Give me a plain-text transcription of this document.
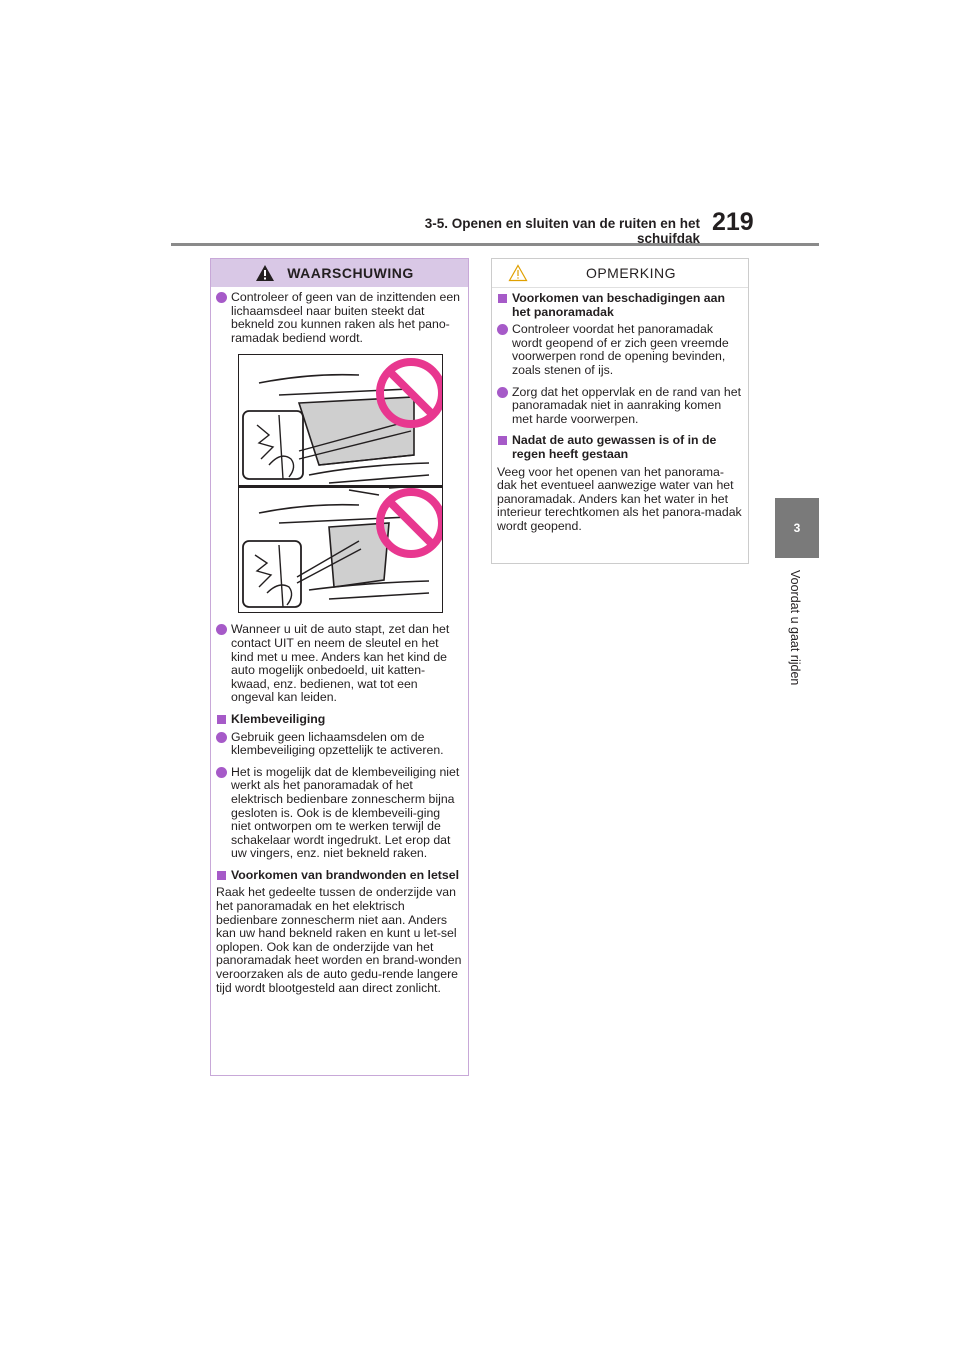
3-5. Openen en sluiten van de ruiten en het schuifdak
219
3
Voordat u gaat rijden
WAARSCHUWING
Controleer of geen van de inzittenden een lichaamsdeel naar buiten steekt dat bekneld zou kunnen raken als het pano-ramadak bediend wordt.
Wanneer u uit de auto stapt, zet dan het contact UIT en neem de sleutel en het kind met u mee. Anders kan het kind de auto mogelijk onbedoeld, uit katten-kwaad, enz. bedienen, wat tot een ongeval kan leiden.
Klembeveiliging
Gebruik geen lichaamsdelen om de klembeveiliging opzettelijk te activeren.
Het is mogelijk dat de klembeveiliging niet werkt als het panoramadak of het elektrisch bedienbare zonnescherm bijna gesloten is. Ook is de klembeveili-ging niet ontworpen om te werken terwijl de schakelaar wordt ingedrukt. Let erop dat uw vingers, enz. niet bekneld raken.
Voorkomen van brandwonden en letsel
Raak het gedeelte tussen de onderzijde van het panoramadak en het elektrisch bedienbare zonnescherm niet aan. Anders kan uw hand bekneld raken en kunt u let-sel oplopen. Ook kan de onderzijde van het panoramadak heet worden en brand-wonden veroorzaken als de auto gedu-rende langere tijd wordt blootgesteld aan direct zonlicht.
OPMERKING
Voorkomen van beschadigingen aan het panoramadak
Controleer voordat het panoramadak wordt geopend of er zich geen vreemde voorwerpen rond de opening bevinden, zoals stenen of ijs.
Zorg dat het oppervlak en de rand van het panoramadak niet in aanraking komen met harde voorwerpen.
Nadat de auto gewassen is of in de regen heeft gestaan
Veeg voor het openen van het panorama-dak het eventueel aanwezige water van het panoramadak. Anders kan het water in het interieur terechtkomen als het panora-madak wordt geopend.
